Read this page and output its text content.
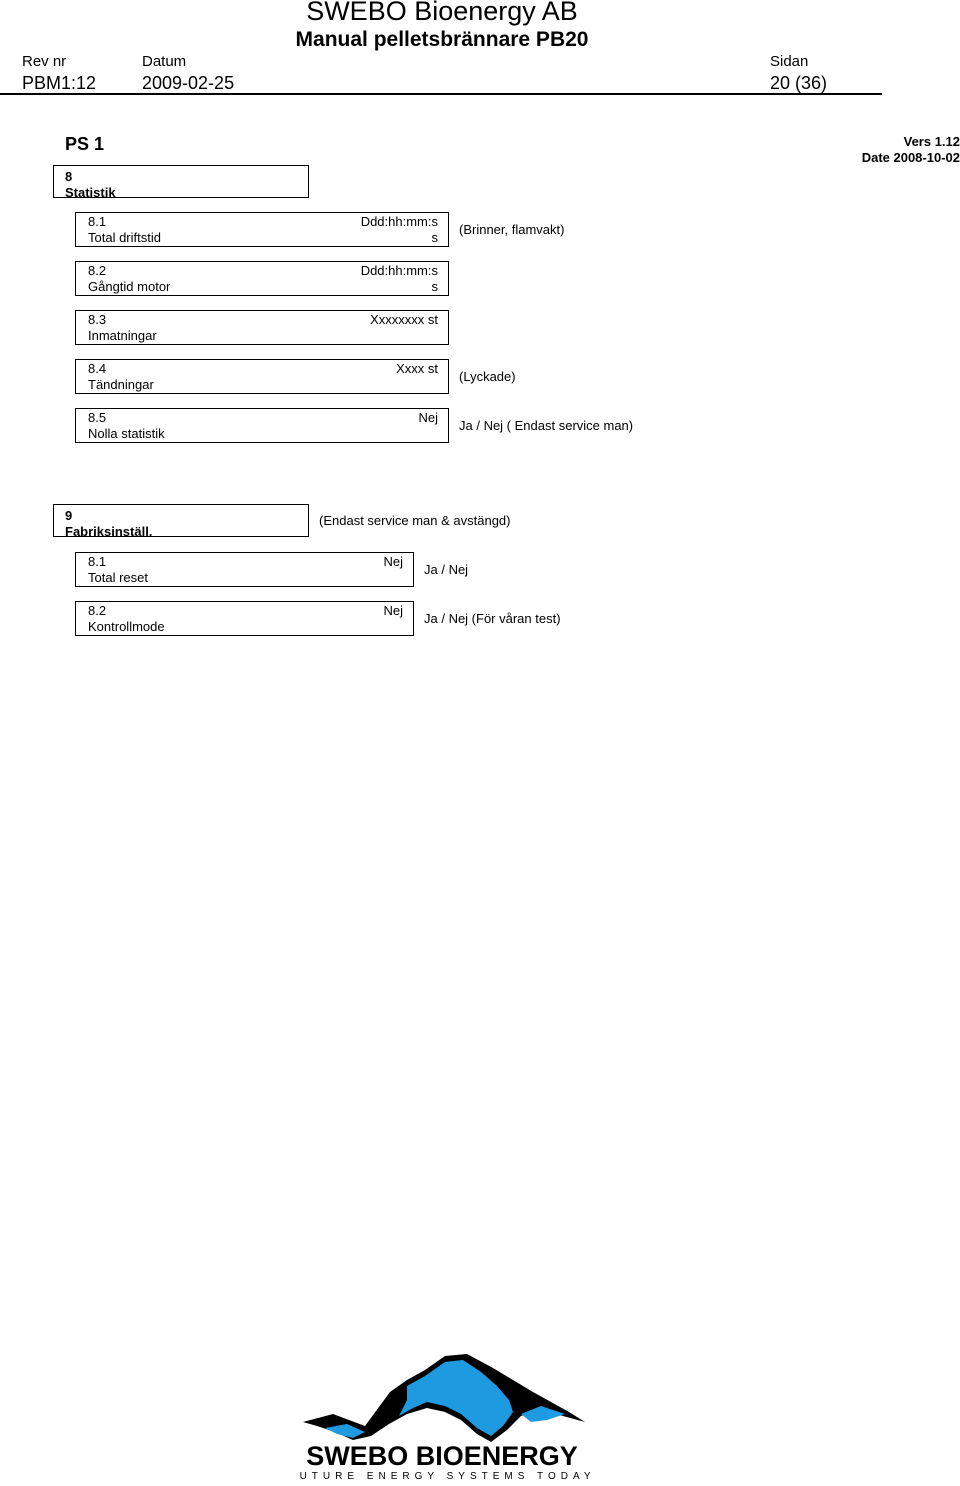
SWEBO Bioenergy AB
Manual pelletsbrännare PB20
Rev nr	Datum	Sidan
PBM1:12	2009-02-25	20 (36)
PS 1	Vers 1.12
Date 2008-10-02
8
Statistik
8.1
Total driftstid
Ddd:hh:mm:s
s
(Brinner, flamvakt)
8.2
Gångtid motor
Ddd:hh:mm:s
s
8.3
Inmatningar
Xxxxxxxx st
8.4
Tändningar
Xxxx st
(Lyckade)
8.5
Nolla statistik
Nej
Ja / Nej ( Endast service man)
9
Fabriksinställ.
(Endast service man & avstängd)
8.1
Total reset
Nej
Ja / Nej
8.2
Kontrollmode
Nej
Ja / Nej (För våran test)
SWEBO BIOENERGY
FUTURE ENERGY SYSTEMS TODAY
